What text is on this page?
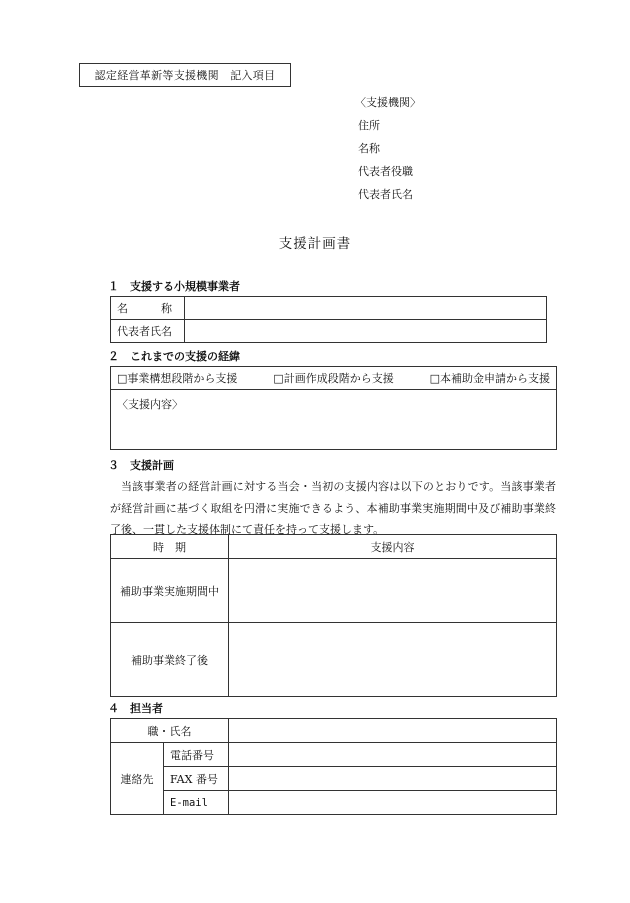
認定経営革新等支援機関　記入項目
〈支援機関〉
住所
名称
代表者役職
代表者氏名
支援計画書
１ 支援する小規模事業者
名　　　称	
代表者氏名	
２ これまでの支援の経緯
□事業構想段階から支援	□計画作成段階から支援	□本補助金申請から支援

〈支援内容〉
３ 支援計画
当該事業者の経営計画に対する当会・当初の支援内容は以下のとおりです。当該事業者が経営計画に基づく取組を円滑に実施できるよう、本補助事業実施期間中及び補助事業終了後、一貫した支援体制にて責任を持って支援します。
時　期	支援内容
補助事業実施期間中	
補助事業終了後	
４ 担当者
職・氏名		
連絡先	電話番号	
	FAX 番号	
	E-mail	
